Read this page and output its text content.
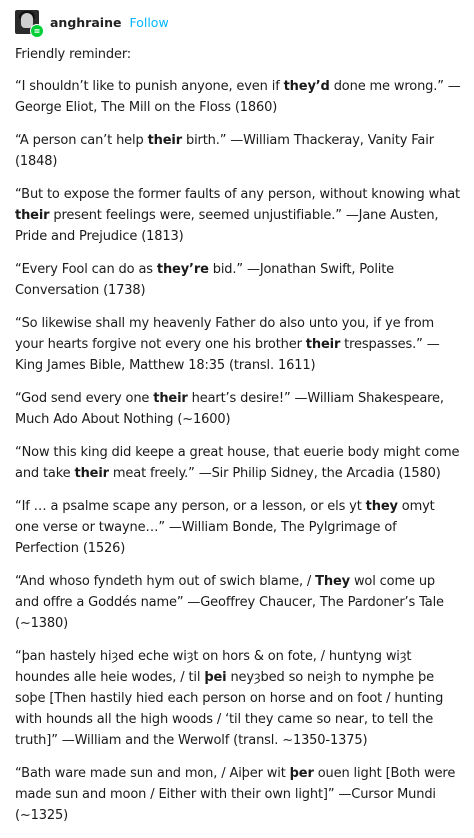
anghraine Follow

Friendly reminder:

“I shouldn’t like to punish anyone, even if they’d done me wrong.” —George Eliot, The Mill on the Floss (1860)

“A person can’t help their birth.” —William Thackeray, Vanity Fair (1848)

“But to expose the former faults of any person, without knowing what their present feelings were, seemed unjustifiable.” —Jane Austen, Pride and Prejudice (1813)

“Every Fool can do as they’re bid.” —Jonathan Swift, Polite Conversation (1738)

“So likewise shall my heavenly Father do also unto you, if ye from your hearts forgive not every one his brother their trespasses.” —King James Bible, Matthew 18:35 (transl. 1611)

“God send every one their heart’s desire!” —William Shakespeare, Much Ado About Nothing (~1600)

“Now this king did keepe a great house, that euerie body might come and take their meat freely.” —Sir Philip Sidney, the Arcadia (1580)

“If … a psalme scape any person, or a lesson, or els yt they omyt one verse or twayne…” —William Bonde, The Pylgrimage of Perfection (1526)

“And whoso fyndeth hym out of swich blame, / They wol come up and offre a Goddés name” —Geoffrey Chaucer, The Pardoner’s Tale (~1380)

“þan hastely hiȝed eche wiȝt on hors & on fote, / huntyng wiȝt houndes alle heie wodes, / til þei neyȝbed so neiȝh to nymphe þe soþe [Then hastily hied each person on horse and on foot / hunting with hounds all the high woods / ‘til they came so near, to tell the truth]” —William and the Werwolf (transl. ~1350-1375)

“Bath ware made sun and mon, / Aiþer wit þer ouen light [Both were made sun and moon / Either with their own light]” —Cursor Mundi (~1325)
